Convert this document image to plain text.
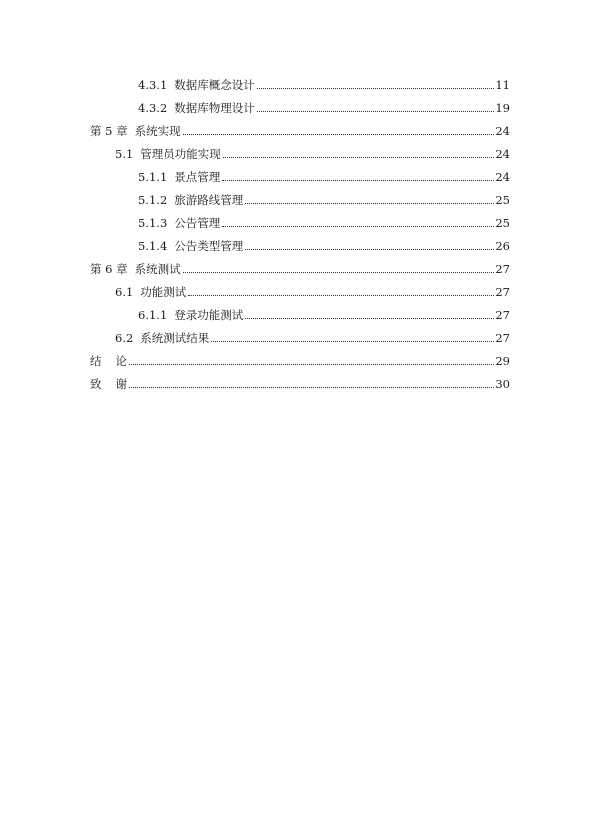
4.3.1 数据库概念设计	11
4.3.2 数据库物理设计	19
第 5 章 系统实现	24
5.1 管理员功能实现	24
5.1.1 景点管理	24
5.1.2 旅游路线管理	25
5.1.3 公告管理	25
5.1.4 公告类型管理	26
第 6 章 系统测试	27
6.1 功能测试	27
6.1.1 登录功能测试	27
6.2 系统测试结果	27
结 论	29
致 谢	30
